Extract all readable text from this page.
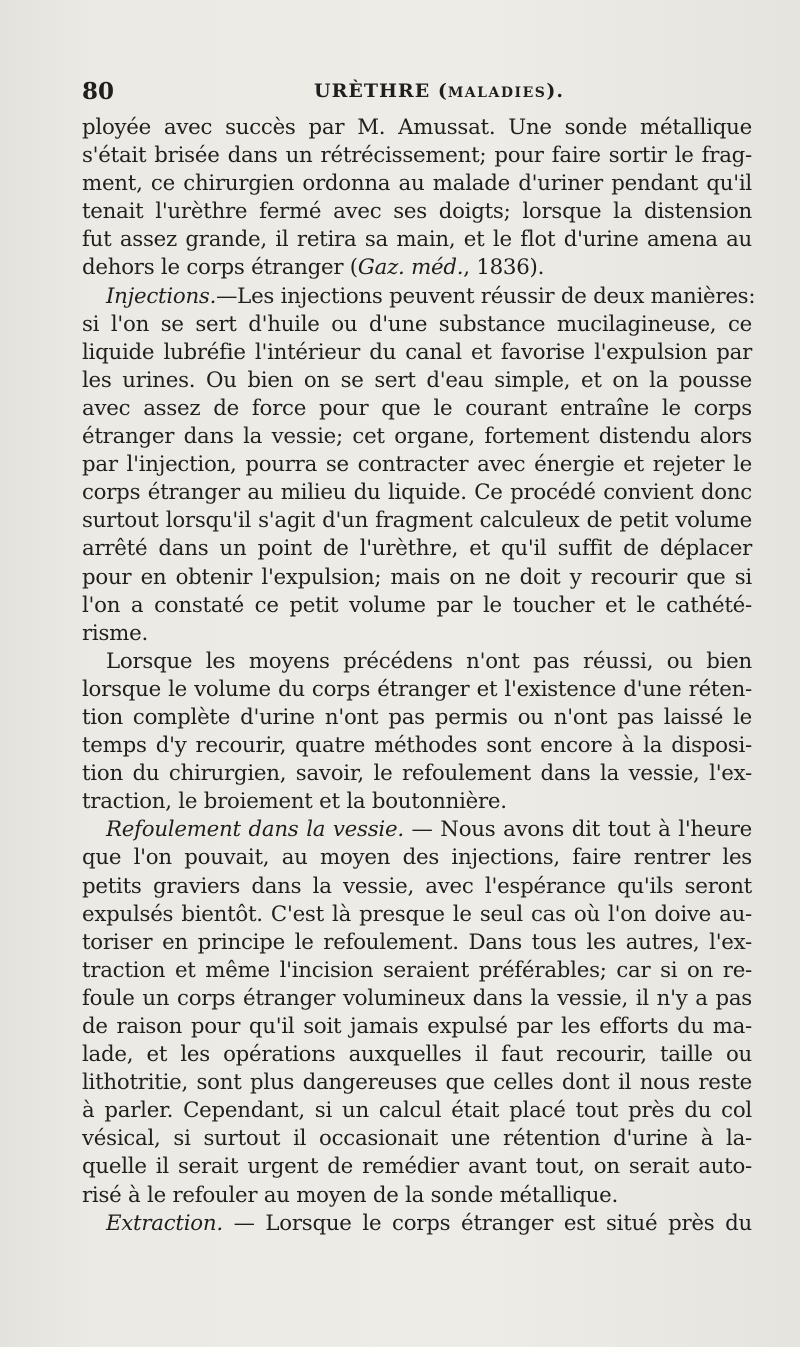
80	URÈTHRE (MALADIES).
ployée avec succès par M. Amussat. Une sonde métallique
s'était brisée dans un rétrécissement; pour faire sortir le frag-
ment, ce chirurgien ordonna au malade d'uriner pendant qu'il
tenait l'urèthre fermé avec ses doigts; lorsque la distension
fut assez grande, il retira sa main, et le flot d'urine amena au
dehors le corps étranger (Gaz. méd., 1836).
Injections.—Les injections peuvent réussir de deux manières:
si l'on se sert d'huile ou d'une substance mucilagineuse, ce
liquide lubréfie l'intérieur du canal et favorise l'expulsion par
les urines. Ou bien on se sert d'eau simple, et on la pousse
avec assez de force pour que le courant entraîne le corps
étranger dans la vessie; cet organe, fortement distendu alors
par l'injection, pourra se contracter avec énergie et rejeter le
corps étranger au milieu du liquide. Ce procédé convient donc
surtout lorsqu'il s'agit d'un fragment calculeux de petit volume
arrêté dans un point de l'urèthre, et qu'il suffit de déplacer
pour en obtenir l'expulsion; mais on ne doit y recourir que si
l'on a constaté ce petit volume par le toucher et le cathété-
risme.
Lorsque les moyens précédens n'ont pas réussi, ou bien
lorsque le volume du corps étranger et l'existence d'une réten-
tion complète d'urine n'ont pas permis ou n'ont pas laissé le
temps d'y recourir, quatre méthodes sont encore à la disposi-
tion du chirurgien, savoir, le refoulement dans la vessie, l'ex-
traction, le broiement et la boutonnière.
Refoulement dans la vessie. — Nous avons dit tout à l'heure
que l'on pouvait, au moyen des injections, faire rentrer les
petits graviers dans la vessie, avec l'espérance qu'ils seront
expulsés bientôt. C'est là presque le seul cas où l'on doive au-
toriser en principe le refoulement. Dans tous les autres, l'ex-
traction et même l'incision seraient préférables; car si on re-
foule un corps étranger volumineux dans la vessie, il n'y a pas
de raison pour qu'il soit jamais expulsé par les efforts du ma-
lade, et les opérations auxquelles il faut recourir, taille ou
lithotritie, sont plus dangereuses que celles dont il nous reste
à parler. Cependant, si un calcul était placé tout près du col
vésical, si surtout il occasionait une rétention d'urine à la-
quelle il serait urgent de remédier avant tout, on serait auto-
risé à le refouler au moyen de la sonde métallique.
Extraction. — Lorsque le corps étranger est situé près du
